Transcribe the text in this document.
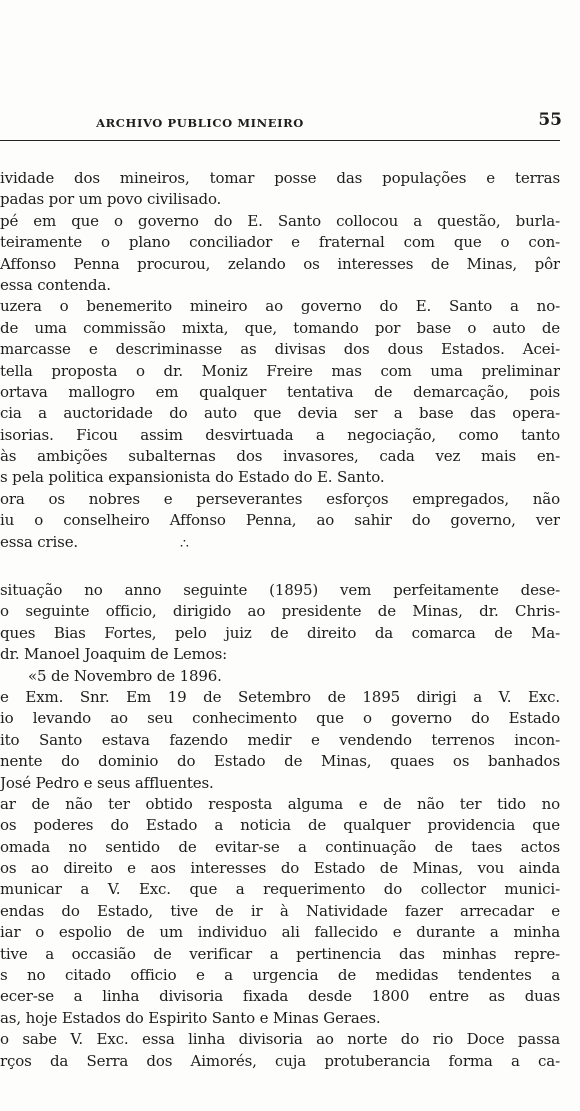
ARCHIVO PUBLICO MINEIRO	55
ividade dos mineiros, tomar posse das populações e terras
padas por um povo civilisado.
pé em que o governo do E. Santo collocou a questão, burla-
teiramente o plano conciliador e fraternal com que o con-
Affonso Penna procurou, zelando os interesses de Minas, pôr
essa contenda.
uzera o benemerito mineiro ao governo do E. Santo a no-
de uma commissão mixta, que, tomando por base o auto de
marcasse e descriminasse as divisas dos dous Estados. Acei-
tella proposta o dr. Moniz Freire mas com uma preliminar
ortava mallogro em qualquer tentativa de demarcação, pois
cia a auctoridade do auto que devia ser a base das opera-
isorias. Ficou assim desvirtuada a negociação, como tanto
às ambições subalternas dos invasores, cada vez mais en-
s pela politica expansionista do Estado do E. Santo.
ora os nobres e perseverantes esforços empregados, não
iu o conselheiro Affonso Penna, ao sahir do governo, ver
essa crise.	∴
situação no anno seguinte (1895) vem perfeitamente dese-
o seguinte officio, dirigido ao presidente de Minas, dr. Chris-
ques Bias Fortes, pelo juiz de direito da comarca de Ma-
dr. Manoel Joaquim de Lemos:
«5 de Novembro de 1896.
e Exm. Snr. Em 19 de Setembro de 1895 dirigi a V. Exc.
io levando ao seu conhecimento que o governo do Estado
ito Santo estava fazendo medir e vendendo terrenos incon-
nente do dominio do Estado de Minas, quaes os banhados
José Pedro e seus affluentes.
ar de não ter obtido resposta alguma e de não ter tido no
os poderes do Estado a noticia de qualquer providencia que
omada no sentido de evitar-se a continuação de taes actos
os ao direito e aos interesses do Estado de Minas, vou ainda
municar a V. Exc. que a requerimento do collector munici-
endas do Estado, tive de ir à Natividade fazer arrecadar e
iar o espolio de um individuo ali fallecido e durante a minha
tive a occasião de verificar a pertinencia das minhas repre-
s no citado officio e a urgencia de medidas tendentes a
ecer-se a linha divisoria fixada desde 1800 entre as duas
as, hoje Estados do Espirito Santo e Minas Geraes.
o sabe V. Exc. essa linha divisoria ao norte do rio Doce passa
rços da Serra dos Aimorés, cuja protuberancia forma a ca-
